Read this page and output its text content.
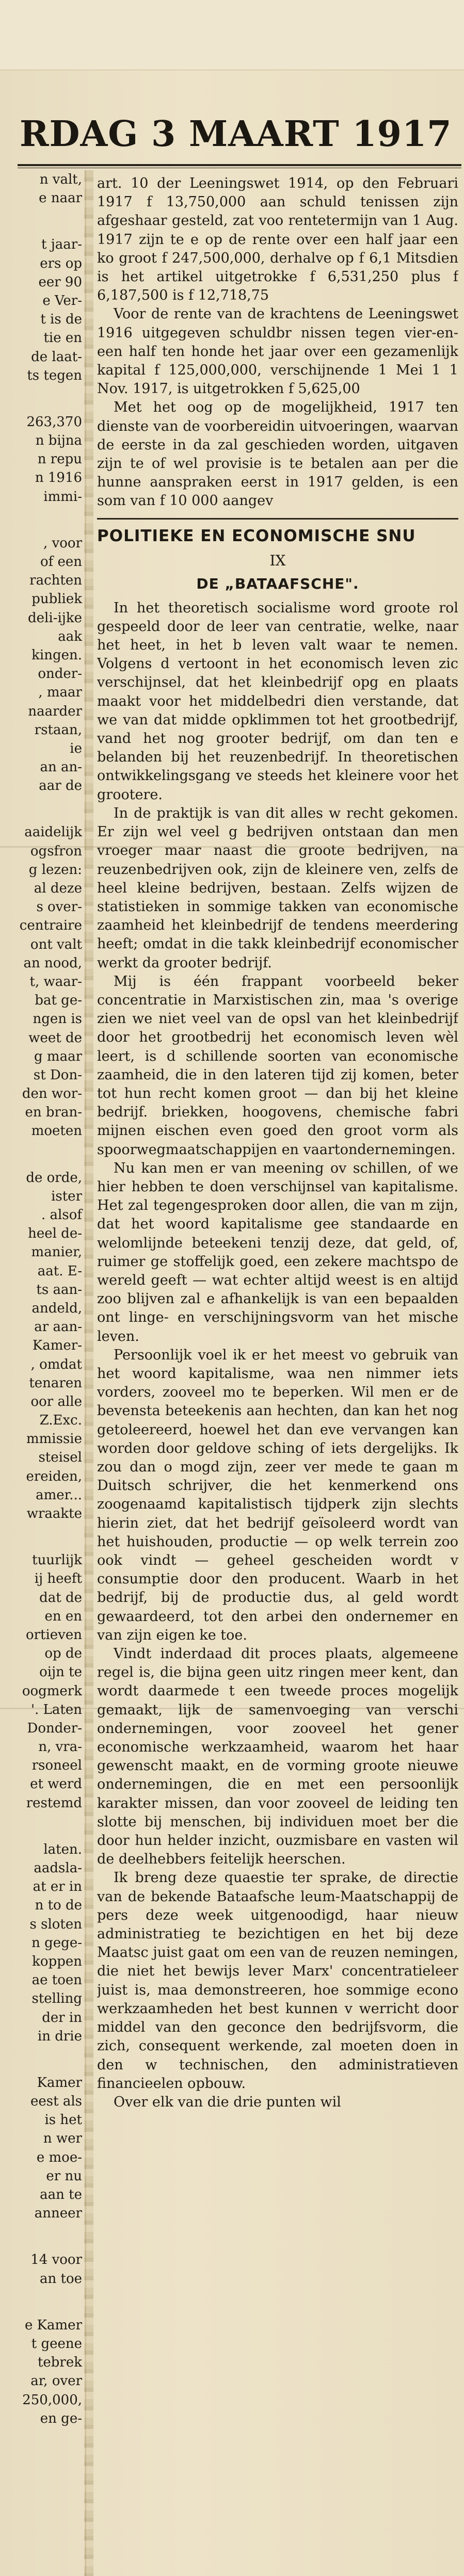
RDAG 3 MAART 1917
n valt,
e naar
t jaar-
ers op
eer 90
e Ver-
t is de
tie en
de laat-
ts tegen
263,370
n bijna
n repu
n 1916
immi-
, voor
of een
rachten
publiek
deli-ijke
aak
kingen.
onder-
, maar
naarder
rstaan,
ie
an an-
aar de
aaidelijk
ogsfron
g lezen:
al deze
s over-
centraire
ont valt
an nood,
t, waar-
bat ge-
ngen is
weet de
g maar
st Don-
den wor-
en bran-
moeten
de orde,
ister
. alsof
heel de-
manier,
aat. E-
ts aan-
andeld,
ar aan-
Kamer-
, omdat
tenaren
oor alle
Z.Exc.
mmissie
steisel
ereiden,
amer...
wraakte
tuurlijk
ij heeft
dat de
en en
ortieven
op de
oijn te
oogmerk
'. Laten
Donder-
n, vra-
rsoneel
et werd
restemd
laten.
aadsla-
at er in
n to de
s sloten
n gege-
koppen
ae toen
stelling
der in
in drie
Kamer
eest als
is het
n wer
e moe-
er nu
aan te
anneer
14 voor
an toe
e Kamer
t geene
tebrek
ar, over
250,000,
en ge-

art. 10 der Leeningswet 1914, op den Februari 1917 f 13,750,000 aan schuld tenissen zijn afgeshaar gesteld, zat voo rentetermijn van 1 Aug. 1917 zijn te e op de rente over een half jaar een ko groot f 247,500,000, derhalve op f 6,1 Mitsdien is het artikel uitgetrokke f 6,531,250 plus f 6,187,500 is f 12,718,75

Voor de rente van de krachtens de Leeningswet 1916 uitgegeven schuldbr nissen tegen vier-en-een half ten honde het jaar over een gezamenlijk kapital f 125,000,000, verschijnende 1 Mei 1 1 Nov. 1917, is uitgetrokken f 5,625,00

Met het oog op de mogelijkheid, 1917 ten dienste van de voorbereidin uitvoeringen, waarvan de eerste in da zal geschieden worden, uitgaven zijn te of wel provisie is te betalen aan per die hunne aanspraken eerst in 1917 gelden, is een som van f 10 000 aangev

POLITIEKE EN ECONOMISCHE SNU
IX
DE „BATAAFSCHE".

In het theoretisch socialisme word groote rol gespeeld door de leer van centratie, welke, naar het heet, in het b leven valt waar te nemen. Volgens d vertoont in het economisch leven zic verschijnsel, dat het kleinbedrijf opg en plaats maakt voor het middelbedri dien verstande, dat we van dat midde opklimmen tot het grootbedrijf, vand het nog grooter bedrijf, om dan ten e belanden bij het reuzenbedrijf. In theoretischen ontwikkelingsgang ve steeds het kleinere voor het grootere.

In de praktijk is van dit alles w recht gekomen. Er zijn wel veel g bedrijven ontstaan dan men vroeger maar naast die groote bedrijven, na reuzenbedrijven ook, zijn de kleinere ven, zelfs de heel kleine bedrijven, bestaan. Zelfs wijzen de statistieken in sommige takken van economische zaamheid het kleinbedrijf de tendens meerdering heeft; omdat in die takk kleinbedrijf economischer werkt da grooter bedrijf.

Mij is één frappant voorbeeld beker concentratie in Marxistischen zin, maa 's overige zien we niet veel van de opsl van het kleinbedrijf door het grootbedrij het economisch leven wèl leert, is d schillende soorten van economische zaamheid, die in den lateren tijd zij komen, beter tot hun recht komen groot — dan bij het kleine bedrijf. briekken, hoogovens, chemische fabri mijnen eischen even goed den groot vorm als spoorwegmaatschappijen en vaartondernemingen.

Nu kan men er van meening ov schillen, of we hier hebben te doen verschijnsel van kapitalisme. Het zal tegengesproken door allen, die van m zijn, dat het woord kapitalisme gee standaarde en welomlijnde beteekeni tenzij deze, dat geld, of, ruimer ge stoffelijk goed, een zekere machtspo de wereld geeft — wat echter altijd weest is en altijd zoo blijven zal e afhankelijk is van een bepaalden ont linge- en verschijningsvorm van het mische leven.

Persoonlijk voel ik er het meest vo gebruik van het woord kapitalisme, waa nen nimmer iets vorders, zooveel mo te beperken. Wil men er de bevensta beteekenis aan hechten, dan kan het nog getoleereerd, hoewel het dan eve vervangen kan worden door geldove sching of iets dergelijks. Ik zou dan o mogd zijn, zeer ver mede te gaan m Duitsch schrijver, die het kenmerkend ons zoogenaamd kapitalistisch tijdperk zijn slechts hierin ziet, dat het bedrijf geïsoleerd wordt van het huishouden, productie — op welk terrein zoo ook vindt — geheel gescheiden wordt v consumptie door den producent. Waarb in het bedrijf, bij de productie dus, al geld wordt gewaardeerd, tot den arbei den ondernemer en van zijn eigen ke toe.

Vindt inderdaad dit proces plaats, algemeene regel is, die bijna geen uitz ringen meer kent, dan wordt daarmede t een tweede proces mogelijk gemaakt, lijk de samenvoeging van verschi ondernemingen, voor zooveel het gener economische werkzaamheid, waarom het haar gewenscht maakt, en de vorming groote nieuwe ondernemingen, die en met een persoonlijk karakter missen, dan voor zooveel de leiding ten slotte bij menschen, bij individuen moet ber die door hun helder inzicht, ouzmisbare en vasten wil de deelhebbers feitelijk heerschen.

Ik breng deze quaestie ter sprake, de directie van de bekende Bataafsche leum-Maatschappij de pers deze week uitgenoodigd, haar nieuw administratieg te bezichtigen en het bij deze Maatsc juist gaat om een van de reuzen nemingen, die niet het bewijs lever Marx' concentratieleer juist is, maa demonstreeren, hoe sommige econo werkzaamheden het best kunnen v werricht door middel van den geconce den bedrijfsvorm, die zich, consequent werkende, zal moeten doen in den w technischen, den administratieven financieelen opbouw.

Over elk van die drie punten wil
